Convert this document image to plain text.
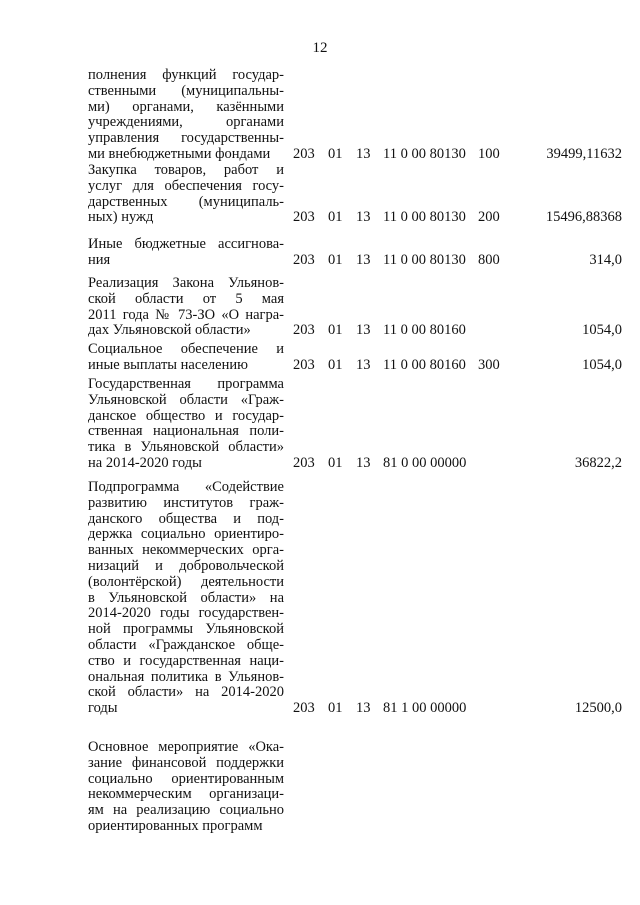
12
полнения функций государ-
ственными (муниципальны-
ми) органами, казёнными
учреждениями, органами
управления государственны-
ми внебюджетными фондами	203 01 13 11 0 00 80130 100	39499,11632
Закупка товаров, работ и
услуг для обеспечения госу-
дарственных (муниципаль-
ных) нужд	203 01 13 11 0 00 80130 200	15496,88368
Иные бюджетные ассигнова-
ния	203 01 13 11 0 00 80130 800	314,0
Реализация Закона Ульянов-
ской области от 5 мая
2011 года № 73-ЗО «О награ-
дах Ульяновской области»	203 01 13 11 0 00 80160	1054,0
Социальное обеспечение и
иные выплаты населению	203 01 13 11 0 00 80160 300	1054,0
Государственная программа
Ульяновской области «Граж-
данское общество и государ-
ственная национальная поли-
тика в Ульяновской области»
на 2014-2020 годы	203 01 13 81 0 00 00000	36822,2
Подпрограмма «Содействие
развитию институтов граж-
данского общества и под-
держка социально ориентиро-
ванных некоммерческих орга-
низаций и добровольческой
(волонтёрской) деятельности
в Ульяновской области» на
2014-2020 годы государствен-
ной программы Ульяновской
области «Гражданское обще-
ство и государственная наци-
ональная политика в Ульянов-
ской области» на 2014-2020
годы	203 01 13 81 1 00 00000	12500,0
Основное мероприятие «Ока-
зание финансовой поддержки
социально ориентированным
некоммерческим организаци-
ям на реализацию социально
ориентированных программ
